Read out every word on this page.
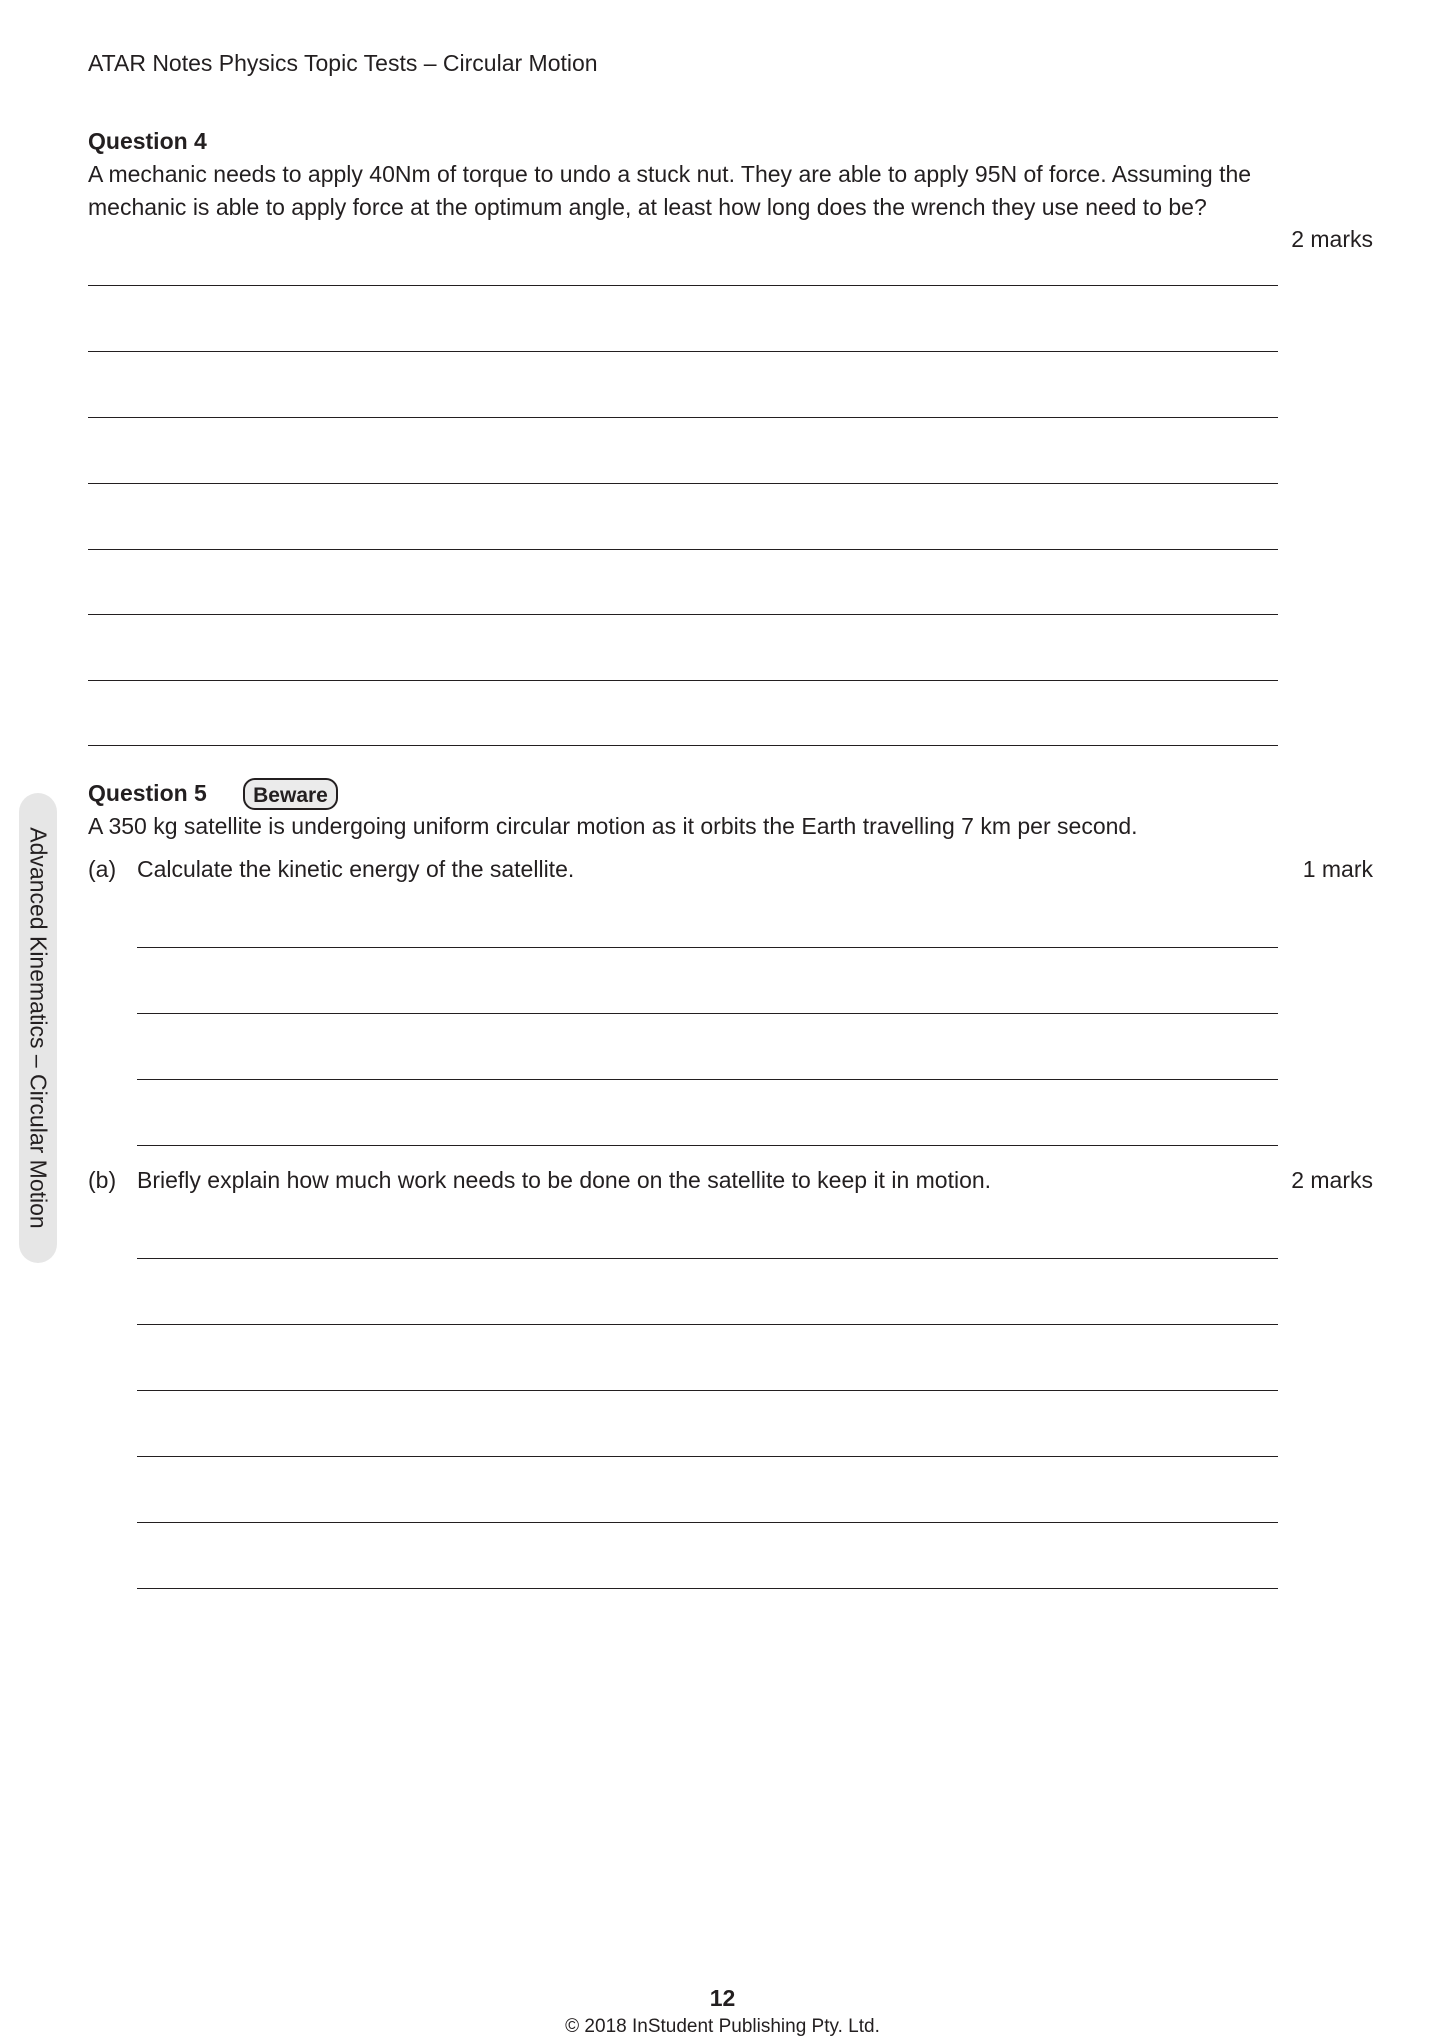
ATAR Notes Physics Topic Tests – Circular Motion
Question 4
A mechanic needs to apply 40Nm of torque to undo a stuck nut. They are able to apply 95N of force. Assuming the mechanic is able to apply force at the optimum angle, at least how long does the wrench they use need to be?
2 marks
Question 5	Beware
A 350 kg satellite is undergoing uniform circular motion as it orbits the Earth travelling 7 km per second.
(a) Calculate the kinetic energy of the satellite.	1 mark
(b) Briefly explain how much work needs to be done on the satellite to keep it in motion.	2 marks
Advanced Kinematics – Circular Motion
12
© 2018 InStudent Publishing Pty. Ltd.
